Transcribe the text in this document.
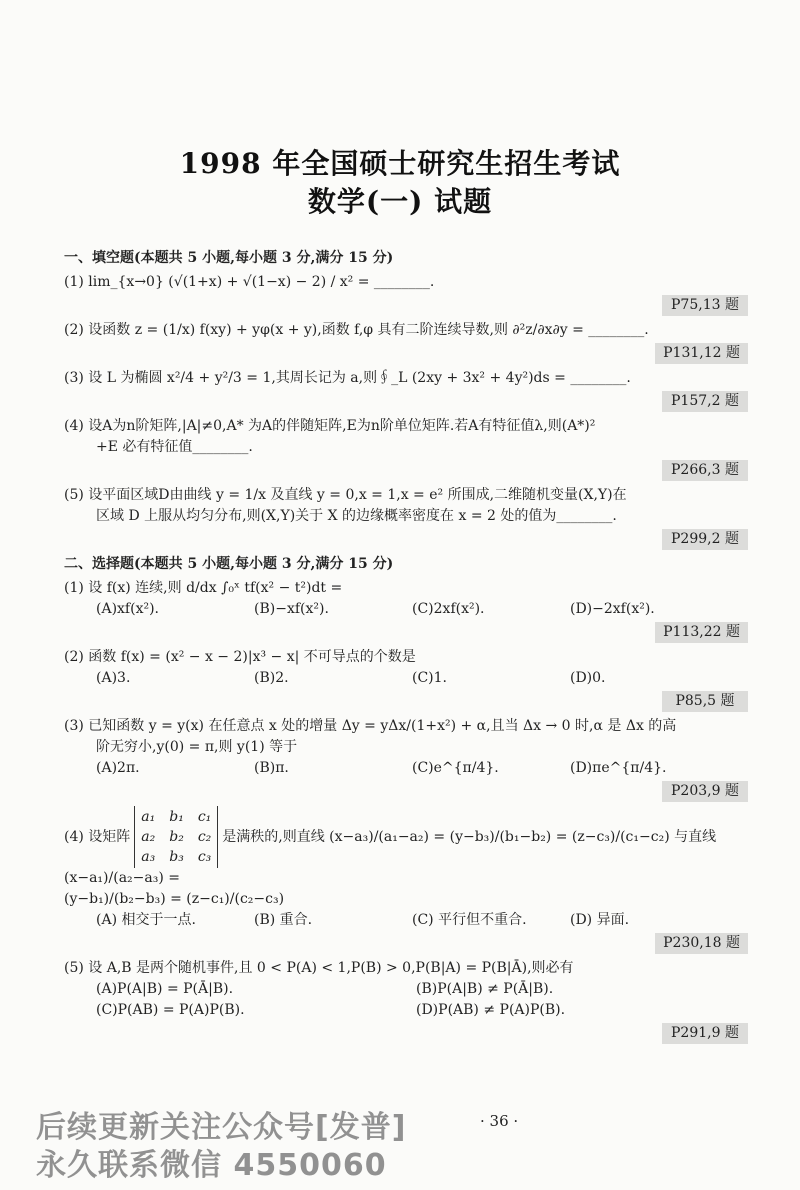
1998 年全国硕士研究生招生考试
数学(一) 试题
一、填空题(本题共 5 小题,每小题 3 分,满分 15 分)
(1) lim_{x→0} (√(1+x) + √(1−x) − 2) / x² = ________.
P75,13 题
(2) 设函数 z = (1/x) f(xy) + yφ(x + y),函数 f,φ 具有二阶连续导数,则 ∂²z/∂x∂y = ________.
P131,12 题
(3) 设 L 为椭圆 x²/4 + y²/3 = 1,其周长记为 a,则∮_L (2xy + 3x² + 4y²)ds = ________.
P157,2 题
(4) 设A为n阶矩阵,|A|≠0,A* 为A的伴随矩阵,E为n阶单位矩阵.若A有特征值λ,则(A*)²
+E 必有特征值________.
P266,3 题
(5) 设平面区域D由曲线 y = 1/x 及直线 y = 0,x = 1,x = e² 所围成,二维随机变量(X,Y)在
区域 D 上服从均匀分布,则(X,Y)关于 X 的边缘概率密度在 x = 2 处的值为________.
P299,2 题
二、选择题(本题共 5 小题,每小题 3 分,满分 15 分)
(1) 设 f(x) 连续,则 d/dx ∫₀ˣ tf(x² − t²)dt =
(A)xf(x²).	(B)−xf(x²).	(C)2xf(x²).	(D)−2xf(x²).
P113,22 题
(2) 函数 f(x) = (x² − x − 2)|x³ − x| 不可导点的个数是
(A)3.	(B)2.	(C)1.	(D)0.
P85,5 题
(3) 已知函数 y = y(x) 在任意点 x 处的增量 Δy = yΔx/(1+x²) + α,且当 Δx → 0 时,α 是 Δx 的高
阶无穷小,y(0) = π,则 y(1) 等于
(A)2π.	(B)π.	(C)e^{π/4}.	(D)πe^{π/4}.
P203,9 题
(4) 设矩阵
a₁ b₁ c₁
a₂ b₂ c₂
a₃ b₃ c₃
是满秩的,则直线 (x−a₃)/(a₁−a₂) = (y−b₃)/(b₁−b₂) = (z−c₃)/(c₁−c₂) 与直线 (x−a₁)/(a₂−a₃) =
(y−b₁)/(b₂−b₃) = (z−c₁)/(c₂−c₃)
(A) 相交于一点.	(B) 重合.	(C) 平行但不重合.	(D) 异面.
P230,18 题
(5) 设 A,B 是两个随机事件,且 0 < P(A) < 1,P(B) > 0,P(B|A) = P(B|Ā),则必有
(A)P(A|B) = P(Ā|B).	(B)P(A|B) ≠ P(Ā|B).
(C)P(AB) = P(A)P(B).	(D)P(AB) ≠ P(A)P(B).
P291,9 题
· 36 ·
后续更新关注公众号[发普]
永久联系微信 4550060
